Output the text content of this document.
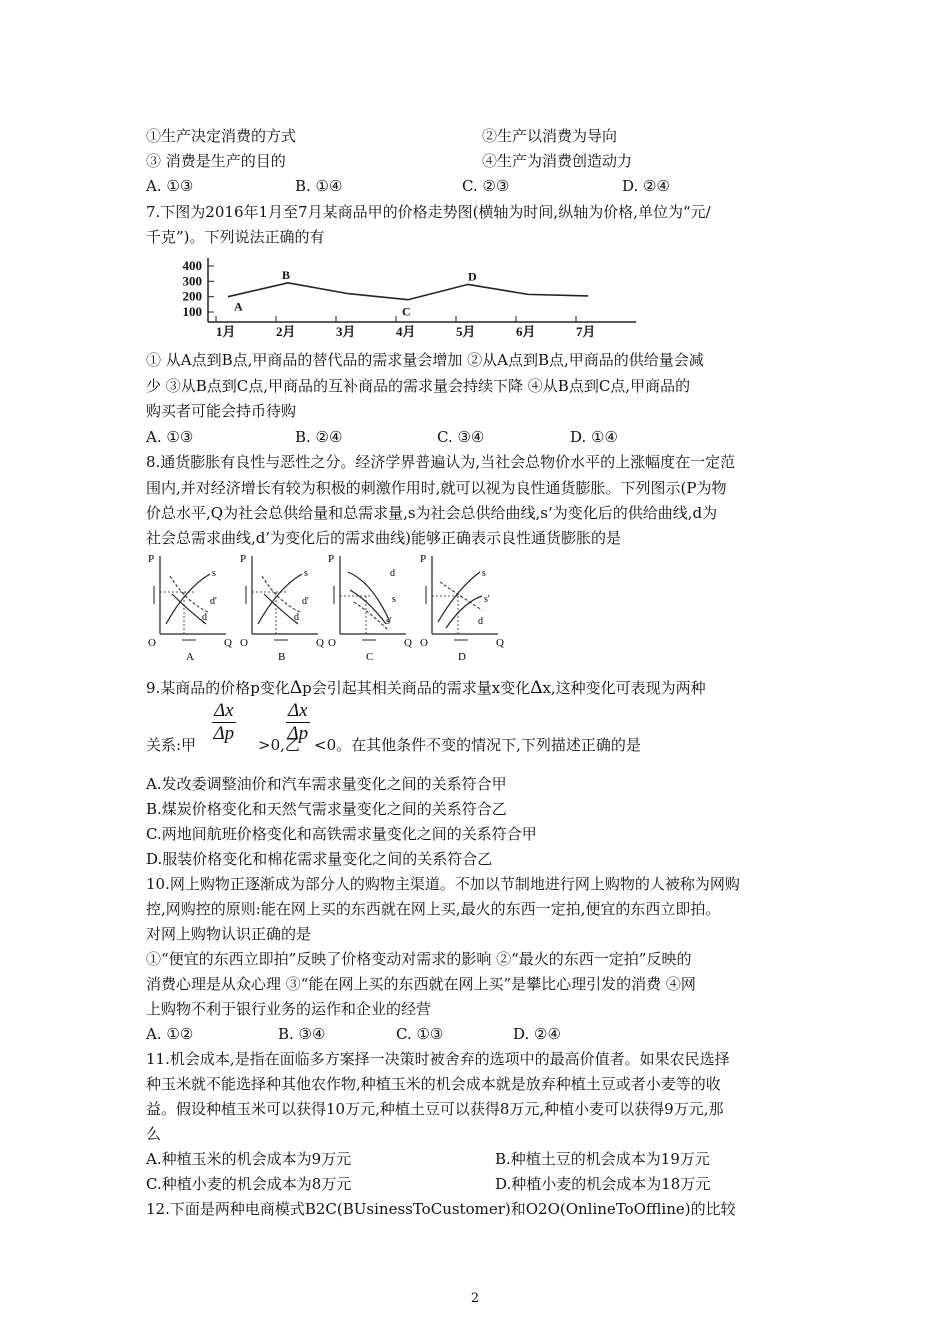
①生产决定消费的方式	②生产以消费为导向
③ 消费是生产的目的	④生产为消费创造动力
A. ①③	B. ①④	C. ②③	D. ②④
7.下图为2016年1月至7月某商品甲的价格走势图(横轴为时间,纵轴为价格,单位为“元/
千克”)。下列说法正确的有
400
300
200
100
1月	2月	3月	4月	5月	6月	7月
A
B
C
D
① 从A点到B点,甲商品的替代品的需求量会增加 ②从A点到B点,甲商品的供给量会减
少 ③从B点到C点,甲商品的互补商品的需求量会持续下降 ④从B点到C点,甲商品的
购买者可能会持币待购
A. ①③	B. ②④	C. ③④	D. ①④
8.通货膨胀有良性与恶性之分。经济学界普遍认为,当社会总物价水平的上涨幅度在一定范
围内,并对经济增长有较为积极的刺激作用时,就可以视为良性通货膨胀。下列图示(P为物
价总水平,Q为社会总供给量和总需求量,s为社会总供给曲线,s’为变化后的供给曲线,d为
社会总需求曲线,d’为变化后的需求曲线)能够正确表示良性通货膨胀的是
P
Q
O
A
s
d'
d
P
Q
O
B
s
d'
d
P
Q
O
C
d
s
s'
P
Q
O
D
s
s'
d
9.某商品的价格p变化Δp会引起其相关商品的需求量x变化Δx,这种变化可表现为两种
$\frac{\Delta x}{\Delta p}$	$\frac{\Delta x}{\Delta p}$
关系:甲	>0,乙 <0。在其他条件不变的情况下,下列描述正确的是
A.发改委调整油价和汽车需求量变化之间的关系符合甲
B.煤炭价格变化和天然气需求量变化之间的关系符合乙
C.两地间航班价格变化和高铁需求量变化之间的关系符合甲
D.服装价格变化和棉花需求量变化之间的关系符合乙
10.网上购物正逐渐成为部分人的购物主渠道。不加以节制地进行网上购物的人被称为网购
控,网购控的原则:能在网上买的东西就在网上买,最火的东西一定拍,便宜的东西立即拍。
对网上购物认识正确的是
①“便宜的东西立即拍”反映了价格变动对需求的影响 ②“最火的东西一定拍”反映的
消费心理是从众心理 ③“能在网上买的东西就在网上买”是攀比心理引发的消费 ④网
上购物不利于银行业务的运作和企业的经营
A. ①②	B. ③④	C. ①③	D. ②④
11.机会成本,是指在面临多方案择一决策时被舍弃的选项中的最高价值者。如果农民选择
种玉米就不能选择种其他农作物,种植玉米的机会成本就是放弃种植土豆或者小麦等的收
益。假设种植玉米可以获得10万元,种植土豆可以获得8万元,种植小麦可以获得9万元,那
么
A.种植玉米的机会成本为9万元	B.种植土豆的机会成本为19万元
C.种植小麦的机会成本为8万元	D.种植小麦的机会成本为18万元
12.下面是两种电商模式B2C(BUsinessToCustomer)和O2O(OnlineToOffline)的比较
2
